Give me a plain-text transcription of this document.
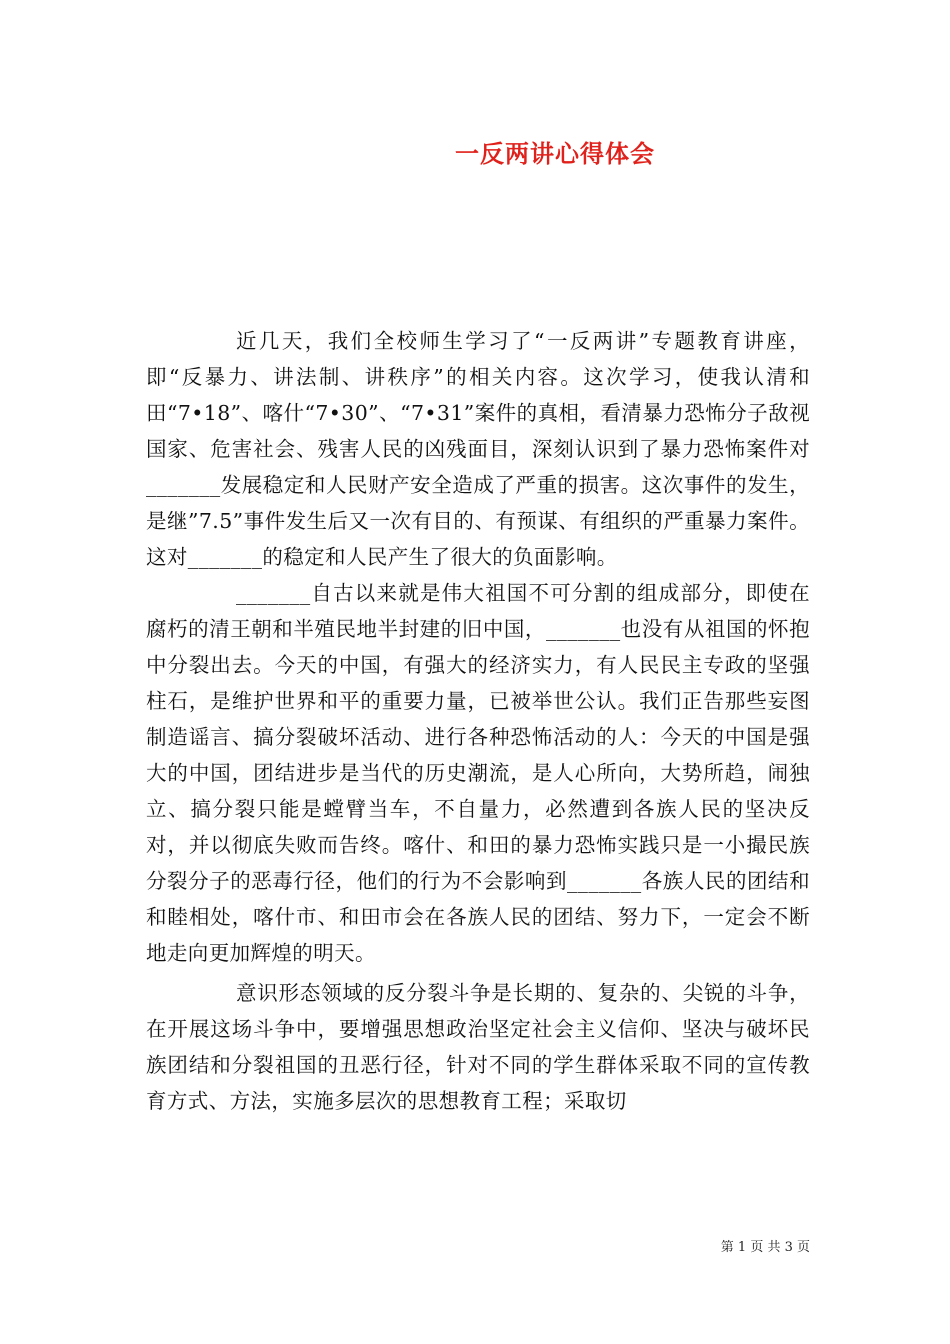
一反两讲心得体会

近几天，我们全校师生学习了“一反两讲”专题教育讲座，即“反暴力、讲法制、讲秩序”的相关内容。这次学习，使我认清和田“7•18”、喀什“7•30”、“7•31”案件的真相，看清暴力恐怖分子敌视国家、危害社会、残害人民的凶残面目，深刻认识到了暴力恐怖案件对_______发展稳定和人民财产安全造成了严重的损害。这次事件的发生，是继”7.5”事件发生后又一次有目的、有预谋、有组织的严重暴力案件。这对_______的稳定和人民产生了很大的负面影响。

_______自古以来就是伟大祖国不可分割的组成部分，即使在腐朽的清王朝和半殖民地半封建的旧中国，_______也没有从祖国的怀抱中分裂出去。今天的中国，有强大的经济实力，有人民民主专政的坚强柱石，是维护世界和平的重要力量，已被举世公认。我们正告那些妄图制造谣言、搞分裂破坏活动、进行各种恐怖活动的人：今天的中国是强大的中国，团结进步是当代的历史潮流，是人心所向，大势所趋，闹独立、搞分裂只能是螳臂当车，不自量力，必然遭到各族人民的坚决反对，并以彻底失败而告终。喀什、和田的暴力恐怖实践只是一小撮民族分裂分子的恶毒行径，他们的行为不会影响到_______各族人民的团结和和睦相处，喀什市、和田市会在各族人民的团结、努力下，一定会不断地走向更加辉煌的明天。

意识形态领域的反分裂斗争是长期的、复杂的、尖锐的斗争，在开展这场斗争中，要增强思想政治坚定社会主义信仰、坚决与破坏民族团结和分裂祖国的丑恶行径，针对不同的学生群体采取不同的宣传教育方式、方法，实施多层次的思想教育工程；采取切

第 1 页 共 3 页
